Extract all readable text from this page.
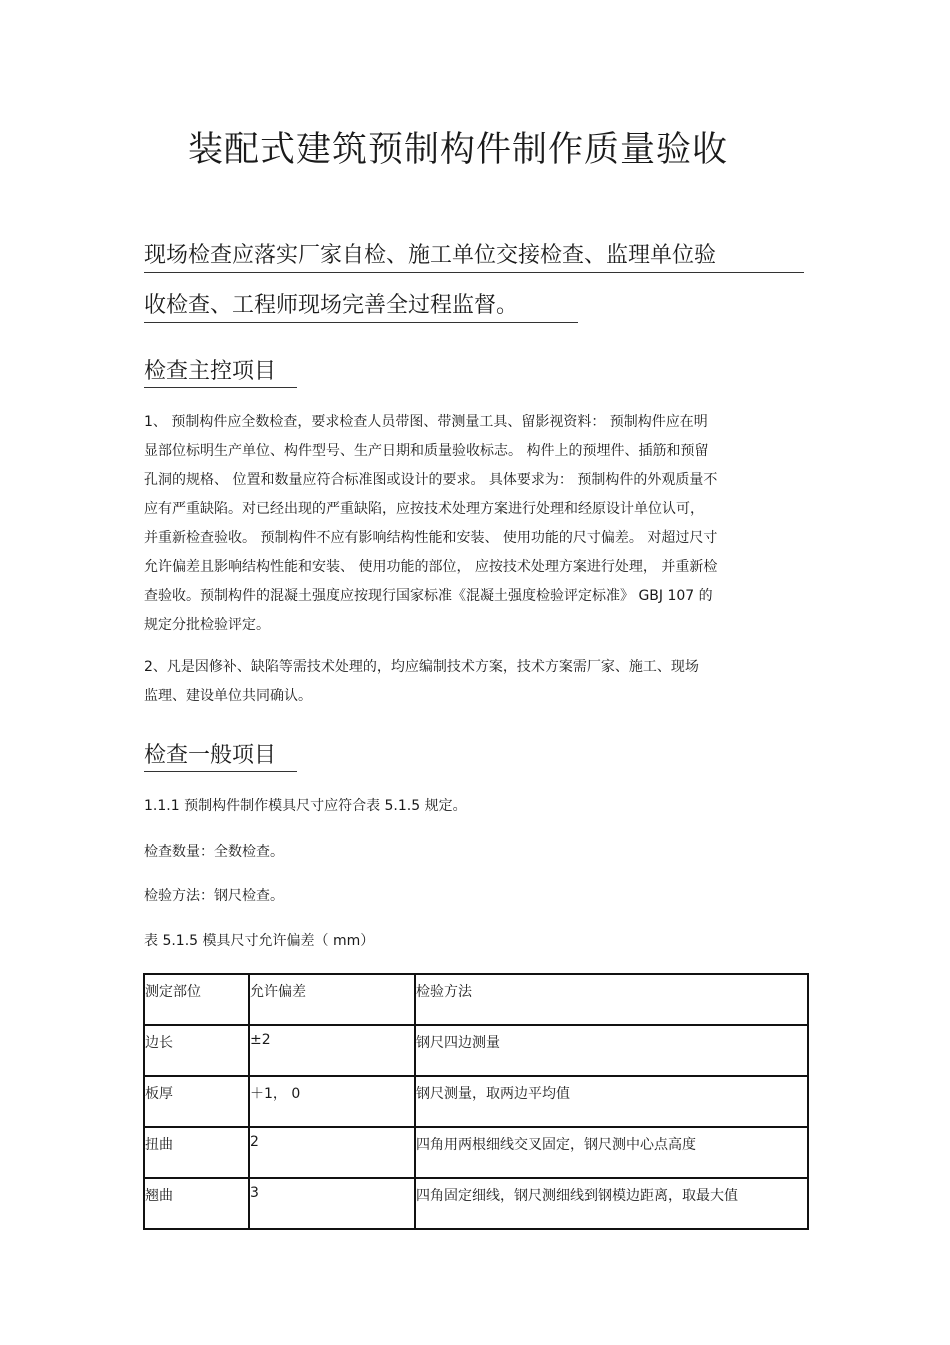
装配式建筑预制构件制作质量验收
现场检查应落实厂家自检、施工单位交接检查、监理单位验
收检查、工程师现场完善全过程监督。
检查主控项目
1、 预制构件应全数检查，要求检查人员带图、带测量工具、留影视资料： 预制构件应在明
显部位标明生产单位、构件型号、生产日期和质量验收标志。 构件上的预埋件、插筋和预留
孔洞的规格、 位置和数量应符合标准图或设计的要求。 具体要求为： 预制构件的外观质量不
应有严重缺陷。对已经出现的严重缺陷，应按技术处理方案进行处理和经原设计单位认可，
并重新检查验收。 预制构件不应有影响结构性能和安装、 使用功能的尺寸偏差。 对超过尺寸
允许偏差且影响结构性能和安装、 使用功能的部位， 应按技术处理方案进行处理， 并重新检
查验收。预制构件的混凝土强度应按现行国家标准《混凝土强度检验评定标准》 GBJ 107 的
规定分批检验评定。
2、凡是因修补、缺陷等需技术处理的，均应编制技术方案，技术方案需厂家、施工、现场
监理、建设单位共同确认。
检查一般项目
1.1.1 预制构件制作模具尺寸应符合表 5.1.5 规定。
检查数量：全数检查。
检验方法：钢尺检查。
表 5.1.5 模具尺寸允许偏差（ mm）
测定部位	允许偏差	检验方法
边长	±2	钢尺四边测量
板厚	＋1， 0	钢尺测量，取两边平均值
扭曲	2	四角用两根细线交叉固定，钢尺测中心点高度
翘曲	3	四角固定细线，钢尺测细线到钢模边距离，取最大值
